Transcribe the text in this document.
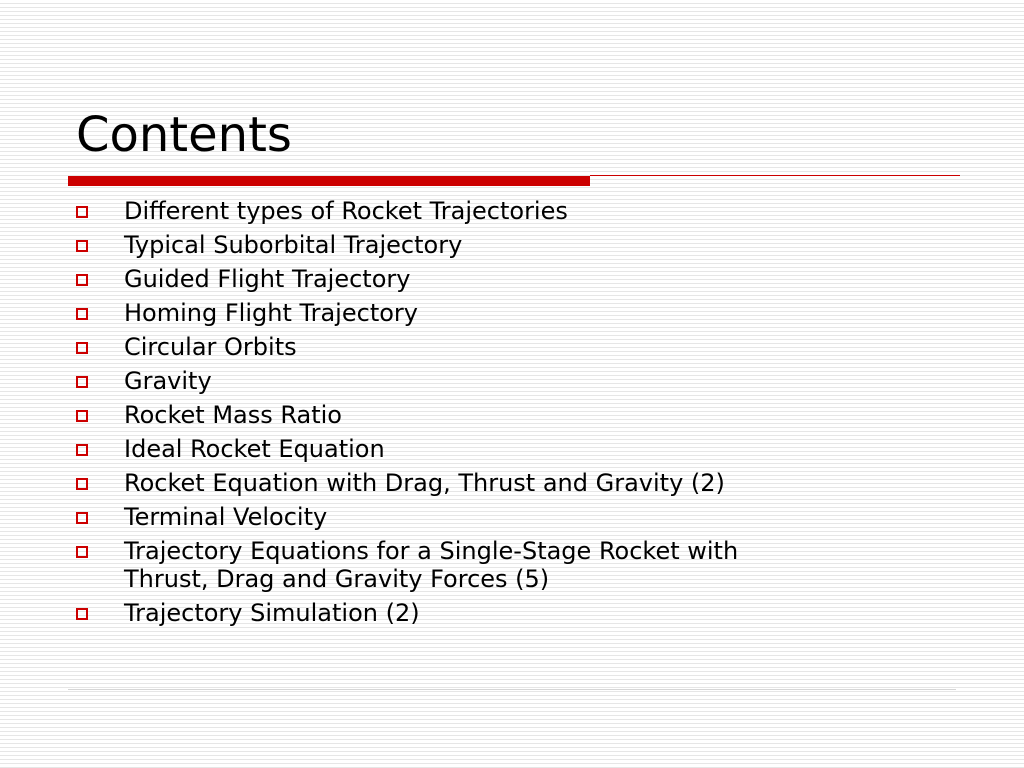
Contents
Different types of Rocket Trajectories
Typical Suborbital Trajectory
Guided Flight Trajectory
Homing Flight Trajectory
Circular Orbits
Gravity
Rocket Mass Ratio
Ideal Rocket Equation
Rocket Equation with Drag, Thrust and Gravity (2)
Terminal Velocity
Trajectory Equations for a Single-Stage Rocket with
Thrust, Drag and Gravity Forces (5)
Trajectory Simulation (2)
